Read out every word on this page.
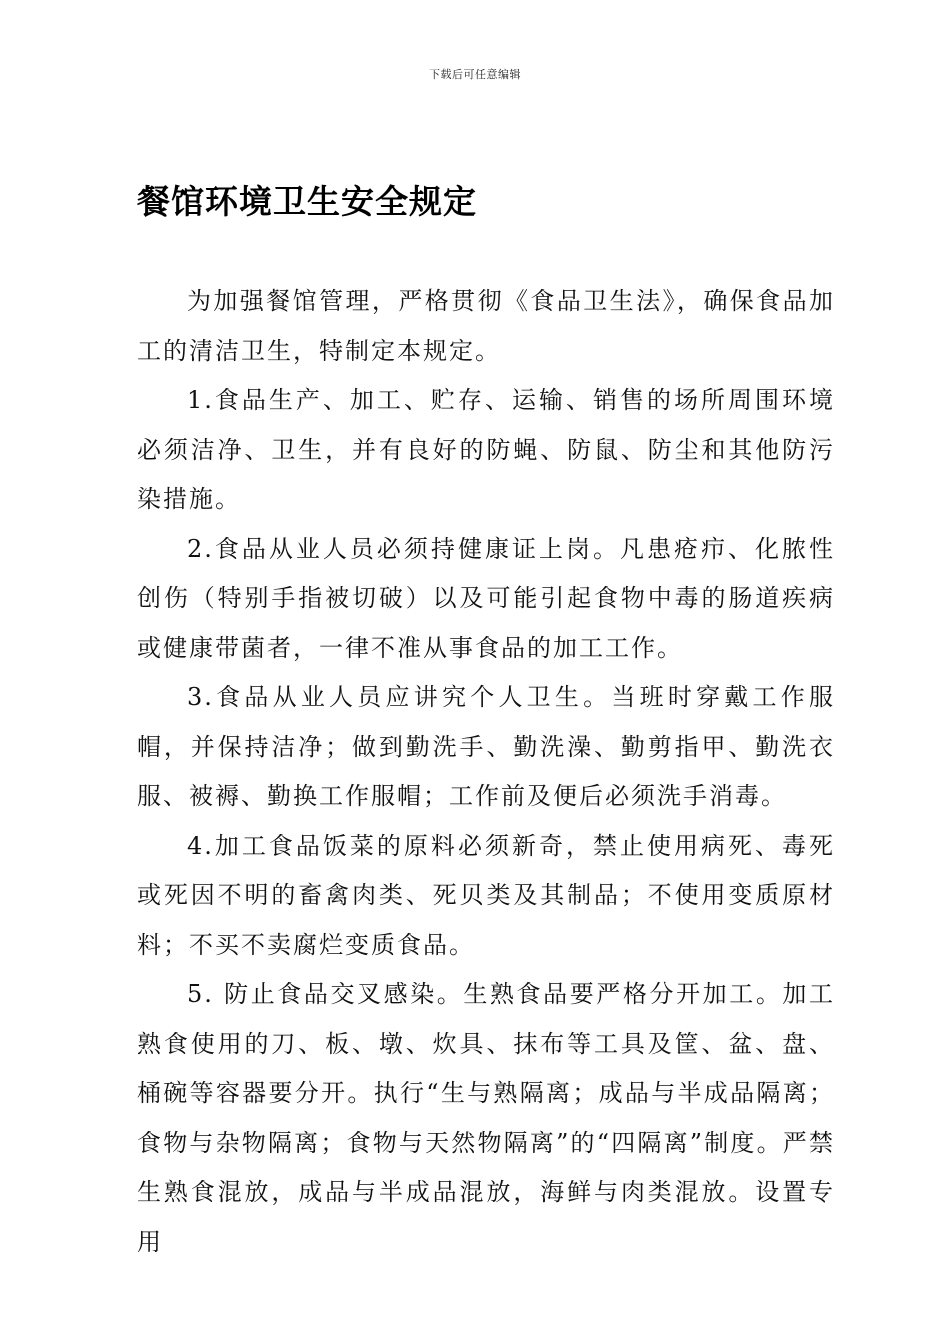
下载后可任意编辑
餐馆环境卫生安全规定

为加强餐馆管理，严格贯彻《食品卫生法》，确保食品加工的清洁卫生，特制定本规定。

1.食品生产、加工、贮存、运输、销售的场所周围环境必须洁净、卫生，并有良好的防蝇、防鼠、防尘和其他防污染措施。

2.食品从业人员必须持健康证上岗。凡患疮疖、化脓性创伤（特别手指被切破）以及可能引起食物中毒的肠道疾病或健康带菌者，一律不准从事食品的加工工作。

3.食品从业人员应讲究个人卫生。当班时穿戴工作服帽，并保持洁净；做到勤洗手、勤洗澡、勤剪指甲、勤洗衣服、被褥、勤换工作服帽；工作前及便后必须洗手消毒。

4.加工食品饭菜的原料必须新奇，禁止使用病死、毒死或死因不明的畜禽肉类、死贝类及其制品；不使用变质原材料；不买不卖腐烂变质食品。

5. 防止食品交叉感染。生熟食品要严格分开加工。加工熟食使用的刀、板、墩、炊具、抹布等工具及筐、盆、盘、桶碗等容器要分开。执行“生与熟隔离；成品与半成品隔离；食物与杂物隔离；食物与天然物隔离”的“四隔离”制度。严禁生熟食混放，成品与半成品混放，海鲜与肉类混放。设置专用
